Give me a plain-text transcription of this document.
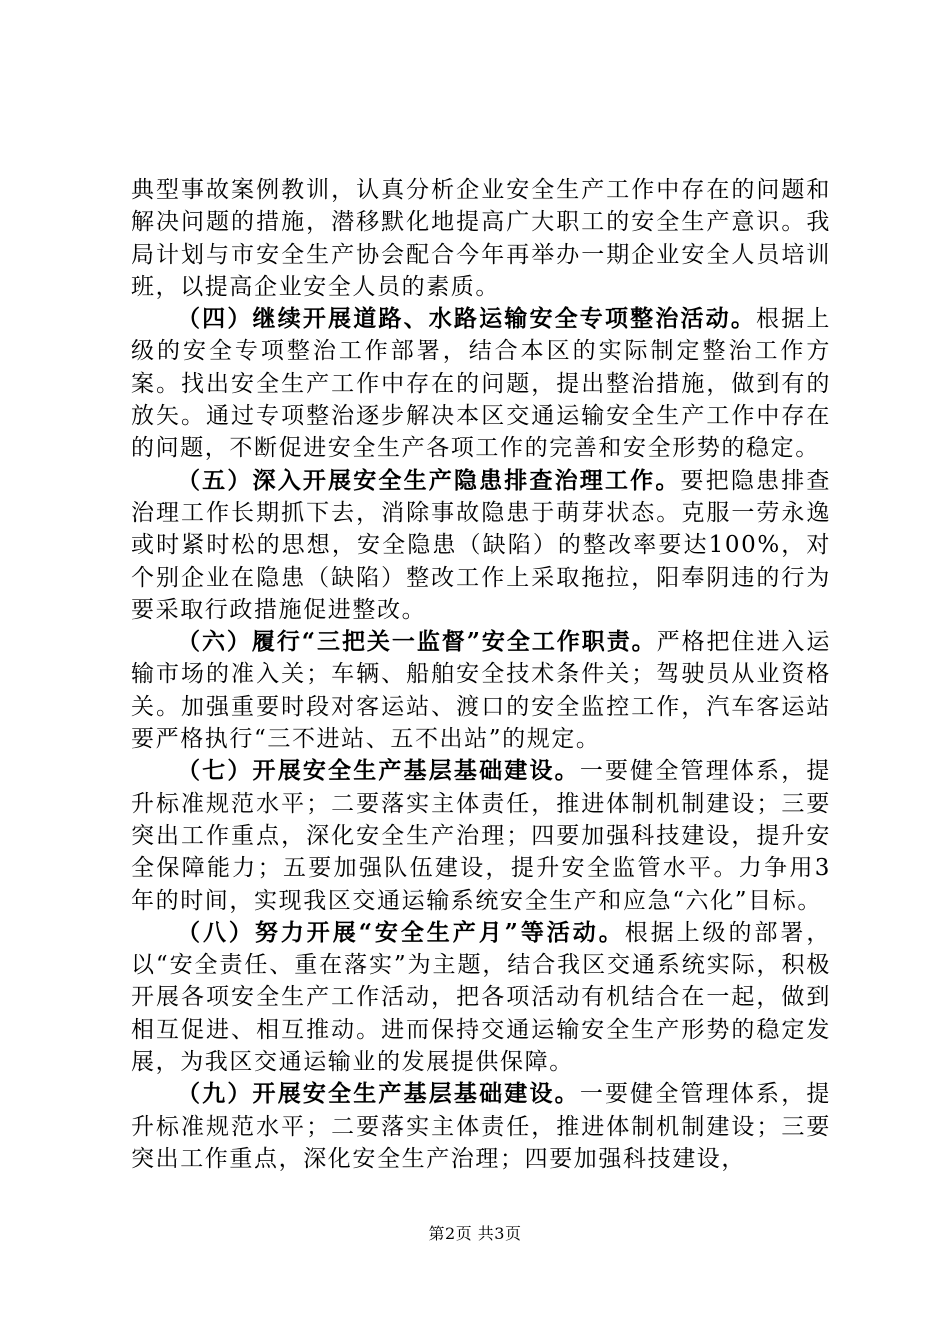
典型事故案例教训，认真分析企业安全生产工作中存在的问题和解决问题的措施，潜移默化地提高广大职工的安全生产意识。我局计划与市安全生产协会配合今年再举办一期企业安全人员培训班，以提高企业安全人员的素质。

（四）继续开展道路、水路运输安全专项整治活动。根据上级的安全专项整治工作部署，结合本区的实际制定整治工作方案。找出安全生产工作中存在的问题，提出整治措施，做到有的放矢。通过专项整治逐步解决本区交通运输安全生产工作中存在的问题，不断促进安全生产各项工作的完善和安全形势的稳定。

（五）深入开展安全生产隐患排查治理工作。要把隐患排查治理工作长期抓下去，消除事故隐患于萌芽状态。克服一劳永逸或时紧时松的思想，安全隐患（缺陷）的整改率要达100%，对个别企业在隐患（缺陷）整改工作上采取拖拉，阳奉阴违的行为要采取行政措施促进整改。

（六）履行“三把关一监督”安全工作职责。严格把住进入运输市场的准入关；车辆、船舶安全技术条件关；驾驶员从业资格关。加强重要时段对客运站、渡口的安全监控工作，汽车客运站要严格执行“三不进站、五不出站”的规定。

（七）开展安全生产基层基础建设。一要健全管理体系，提升标准规范水平；二要落实主体责任，推进体制机制建设；三要突出工作重点，深化安全生产治理；四要加强科技建设，提升安全保障能力；五要加强队伍建设，提升安全监管水平。力争用3年的时间，实现我区交通运输系统安全生产和应急“六化”目标。

（八）努力开展“安全生产月”等活动。根据上级的部署，以“安全责任、重在落实”为主题，结合我区交通系统实际，积极开展各项安全生产工作活动，把各项活动有机结合在一起，做到相互促进、相互推动。进而保持交通运输安全生产形势的稳定发展，为我区交通运输业的发展提供保障。

（九）开展安全生产基层基础建设。一要健全管理体系，提升标准规范水平；二要落实主体责任，推进体制机制建设；三要突出工作重点，深化安全生产治理；四要加强科技建设，

第2页 共3页
